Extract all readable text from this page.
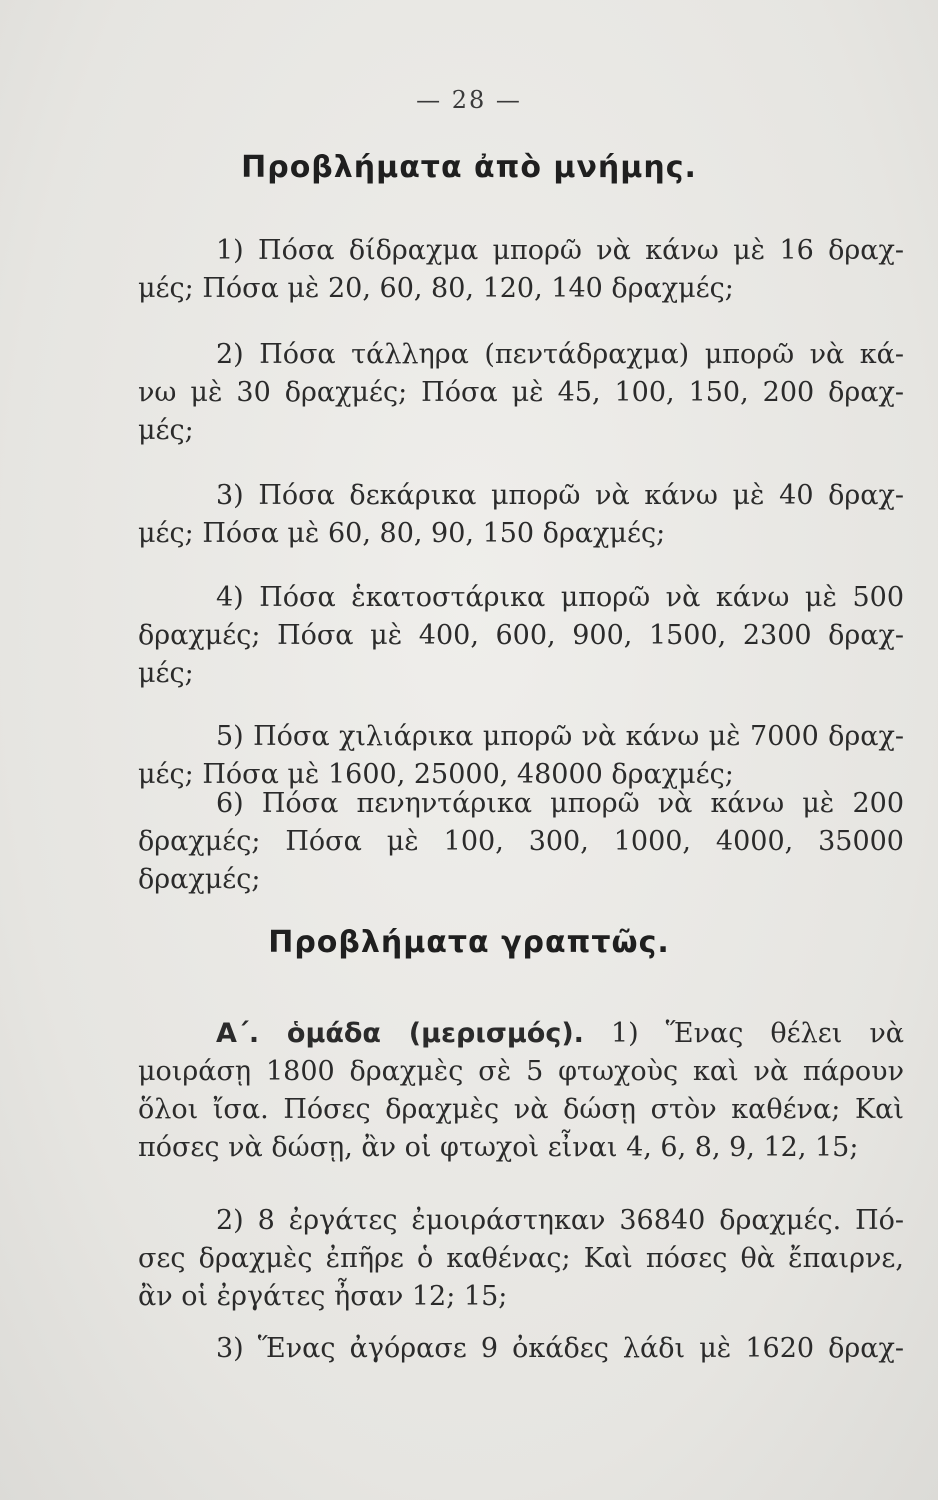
— 28 —
Προβλήματα ἀπὸ μνήμης.
1) Πόσα δίδραχμα μπορῶ νὰ κάνω μὲ 16 δραχ-
μές; Πόσα μὲ 20, 60, 80, 120, 140 δραχμές;
2) Πόσα τάλληρα (πεντάδραχμα) μπορῶ νὰ κά-
νω μὲ 30 δραχμές; Πόσα μὲ 45, 100, 150, 200 δραχ-
μές;
3) Πόσα δεκάρικα μπορῶ νὰ κάνω μὲ 40 δραχ-
μές; Πόσα μὲ 60, 80, 90, 150 δραχμές;
4) Πόσα ἑκατοστάρικα μπορῶ νὰ κάνω μὲ 500
δραχμές; Πόσα μὲ 400, 600, 900, 1500, 2300 δραχ-
μές;
5) Πόσα χιλιάρικα μπορῶ νὰ κάνω μὲ 7000 δραχ-
μές; Πόσα μὲ 1600, 25000, 48000 δραχμές;
6) Πόσα πενηντάρικα μπορῶ νὰ κάνω μὲ 200
δραχμές; Πόσα μὲ 100, 300, 1000, 4000, 35000
δραχμές;
Προβλήματα γραπτῶς.
Α΄. ὁμάδα (μερισμός). 1) Ἕνας θέλει νὰ
μοιράσῃ 1800 δραχμὲς σὲ 5 φτωχοὺς καὶ νὰ πάρουν
ὅλοι ἴσα. Πόσες δραχμὲς νὰ δώσῃ στὸν καθένα; Καὶ
πόσες νὰ δώσῃ, ἂν οἱ φτωχοὶ εἶναι 4, 6, 8, 9, 12, 15;
2) 8 ἐργάτες ἐμοιράστηκαν 36840 δραχμές. Πό-
σες δραχμὲς ἐπῆρε ὁ καθένας; Καὶ πόσες θὰ ἔπαιρνε,
ἂν οἱ ἐργάτες ἦσαν 12; 15;
3) Ἕνας ἀγόρασε 9 ὀκάδες λάδι μὲ 1620 δραχ-
